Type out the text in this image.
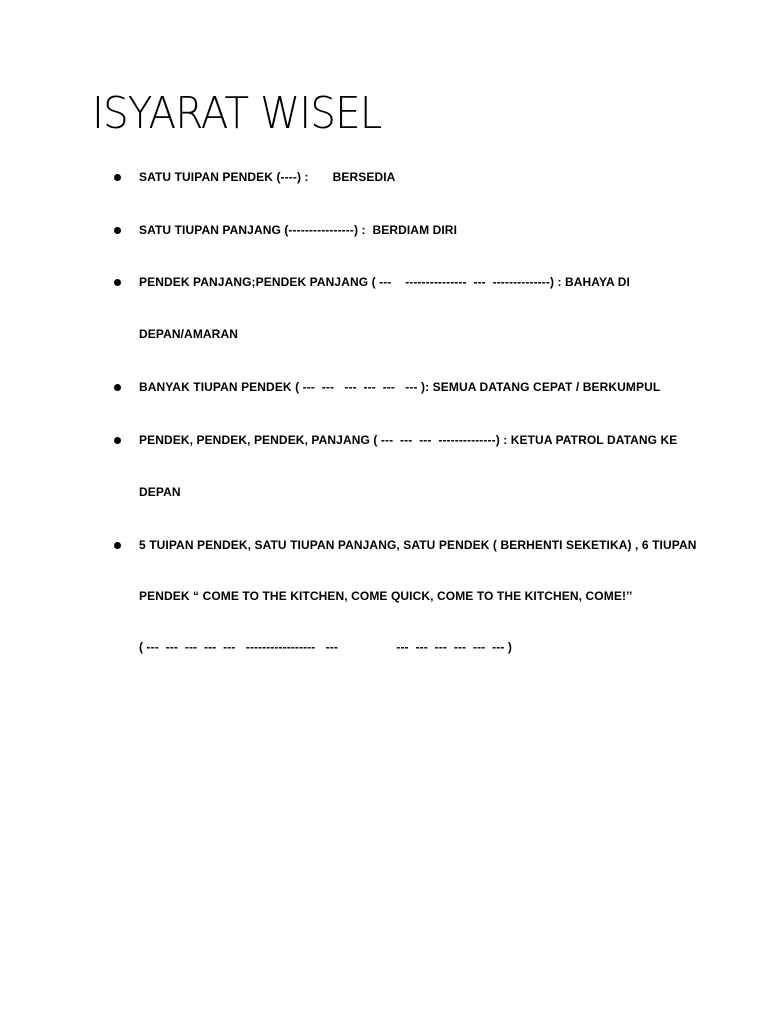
ISYARAT WISEL
SATU TUIPAN PENDEK (----) :       BERSEDIA
SATU TIUPAN PANJANG (----------------) :  BERDIAM DIRI
PENDEK PANJANG;PENDEK PANJANG ( ---    ---------------  ---  --------------) : BAHAYA DI
DEPAN/AMARAN
BANYAK TIUPAN PENDEK ( ---  ---   ---  ---  ---   --- ): SEMUA DATANG CEPAT / BERKUMPUL
PENDEK, PENDEK, PENDEK, PANJANG ( ---  ---  ---  --------------) : KETUA PATROL DATANG KE
DEPAN
5 TUIPAN PENDEK, SATU TIUPAN PANJANG, SATU PENDEK ( BERHENTI SEKETIKA) , 6 TIUPAN
PENDEK “ COME TO THE KITCHEN, COME QUICK, COME TO THE KITCHEN, COME!’’
( ---  ---  ---  ---  ---   -----------------   ---                 ---  ---  ---  ---  ---  --- )
